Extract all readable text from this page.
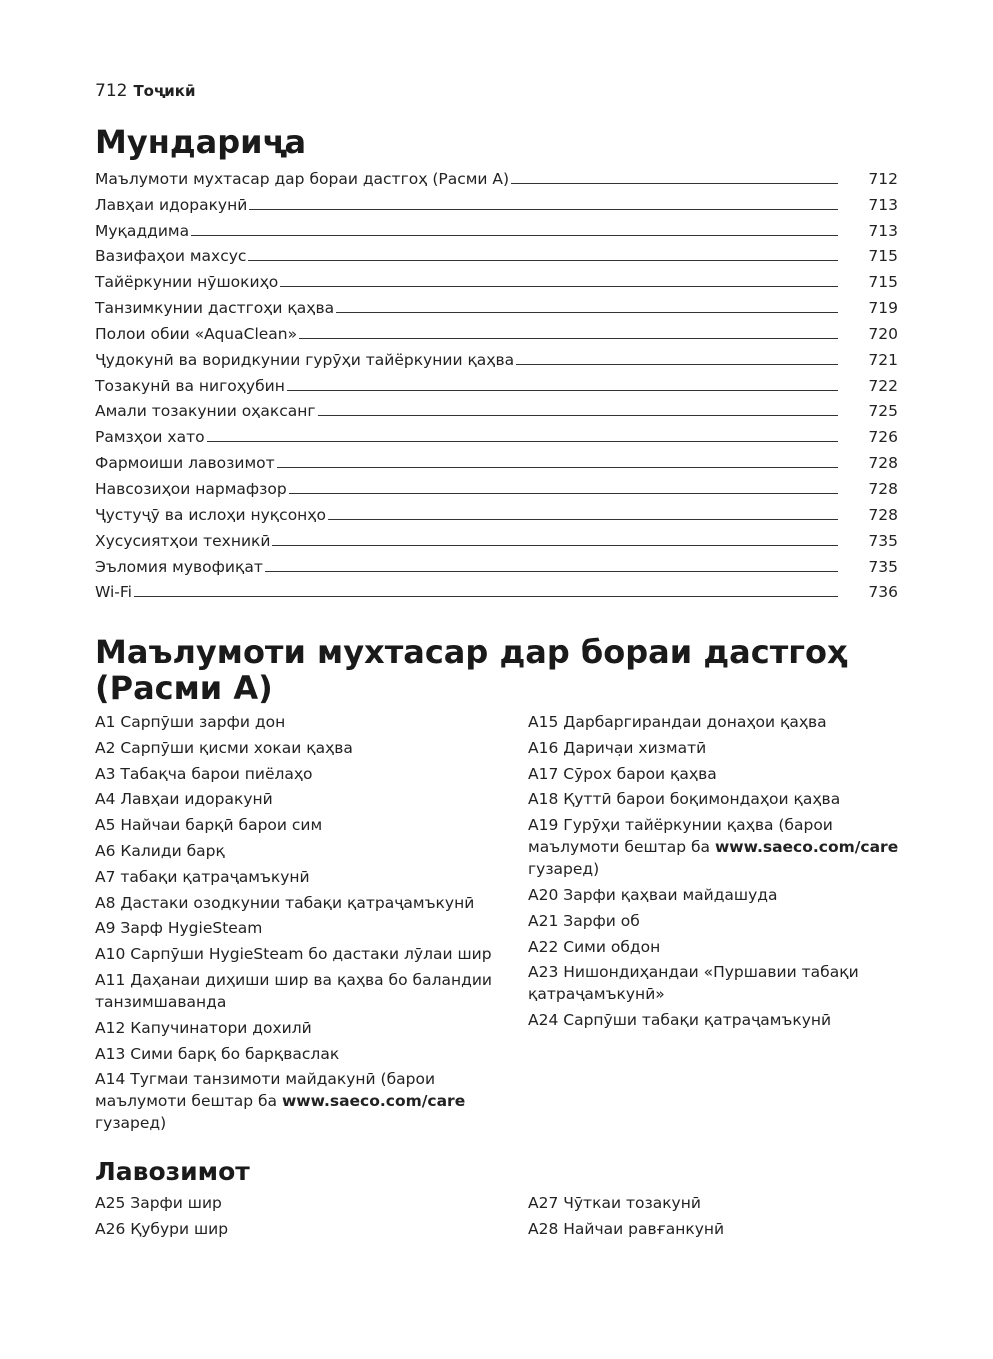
712 Тоҷикӣ
Мундариҷа
Маълумоти мухтасар дар бораи дастгоҳ (Расми A)	712
Лавҳаи идоракунӣ	713
Муқаддима	713
Вазифаҳои махсус	715
Тайёркунии нӯшокиҳо	715
Танзимкунии дастгоҳи қаҳва	719
Полои обии «AquaClean»	720
Ҷудокунӣ ва воридкунии гурӯҳи тайёркунии қаҳва	721
Тозакунӣ ва нигоҳубин	722
Амали тозакунии оҳаксанг	725
Рамзҳои хато	726
Фармоиши лавозимот	728
Навсозиҳои нармафзор	728
Ҷустуҷӯ ва ислоҳи нуқсонҳо	728
Хусусиятҳои техникӣ	735
Эъломия мувофиқат	735
Wi-Fi	736
Маълумоти мухтасар дар бораи дастгоҳ (Расми A)
A1 Сарпӯши зарфи дон
A2 Сарпӯши қисми хокаи қаҳва
A3 Табақча барои пиёлаҳо
A4 Лавҳаи идоракунӣ
A5 Найчаи барқӣ барои сим
A6 Калиди барқ
A7 табақи қатраҷамъкунӣ
A8 Дастаки озодкунии табақи қатраҷамъкунӣ
A9 Зарф HygieSteam
A10 Сарпӯши HygieSteam бо дастаки лӯлаи шир
A11 Даҳанаи диҳиши шир ва қаҳва бо баландии танзимшаванда
A12 Капучинатори дохилӣ
A13 Сими барқ бо барқваслак
A14 Тугмаи танзимоти майдакунӣ (барои маълумоти бештар ба www.saeco.com/care гузаред)
A15 Дарбаргирандаи донаҳои қаҳва
A16 Дарича̣и хизматӣ
A17 Сӯрох барои қаҳва
A18 Қуттӣ барои боқимондаҳои қаҳва
A19 Гурӯҳи тайёркунии қаҳва (барои маълумоти бештар ба www.saeco.com/care гузаред)
A20 Зарфи қаҳваи майдашуда
A21 Зарфи об
A22 Сими обдон
A23 Нишондиҳандаи «Пуршавии табақи қатраҷамъкунӣ»
A24 Сарпӯши табақи қатраҷамъкунӣ
Лавозимот
A25 Зарфи шир
A26 Қубури шир
A27 Чӯткаи тозакунӣ
A28 Найчаи равғанкунӣ
